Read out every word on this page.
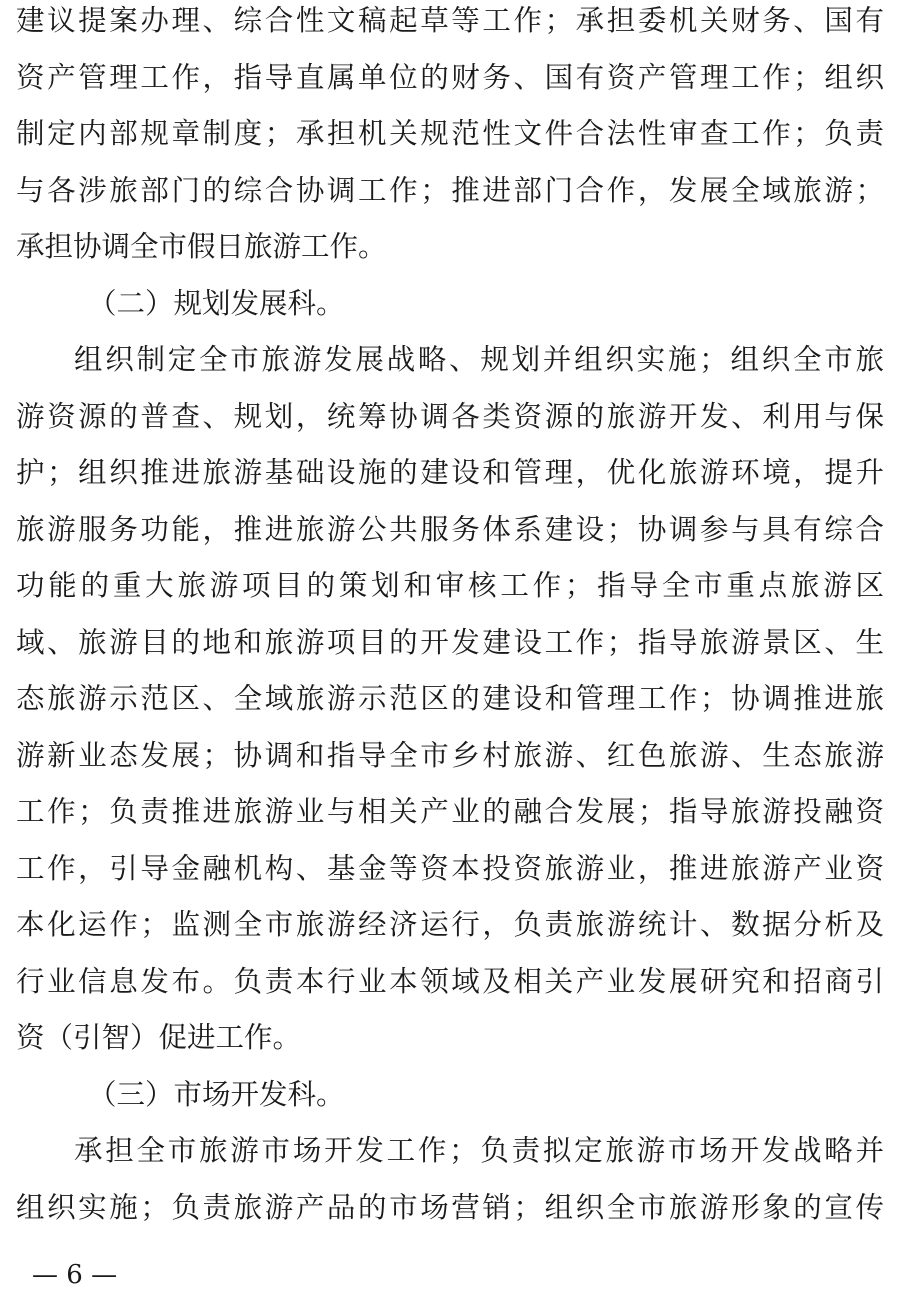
建议提案办理、综合性文稿起草等工作；承担委机关财务、国有
资产管理工作，指导直属单位的财务、国有资产管理工作；组织
制定内部规章制度；承担机关规范性文件合法性审查工作；负责
与各涉旅部门的综合协调工作；推进部门合作，发展全域旅游；
承担协调全市假日旅游工作。
（二）规划发展科。
组织制定全市旅游发展战略、规划并组织实施；组织全市旅
游资源的普查、规划，统筹协调各类资源的旅游开发、利用与保
护；组织推进旅游基础设施的建设和管理，优化旅游环境，提升
旅游服务功能，推进旅游公共服务体系建设；协调参与具有综合
功能的重大旅游项目的策划和审核工作；指导全市重点旅游区
域、旅游目的地和旅游项目的开发建设工作；指导旅游景区、生
态旅游示范区、全域旅游示范区的建设和管理工作；协调推进旅
游新业态发展；协调和指导全市乡村旅游、红色旅游、生态旅游
工作；负责推进旅游业与相关产业的融合发展；指导旅游投融资
工作，引导金融机构、基金等资本投资旅游业，推进旅游产业资
本化运作；监测全市旅游经济运行，负责旅游统计、数据分析及
行业信息发布。负责本行业本领域及相关产业发展研究和招商引
资（引智）促进工作。
（三）市场开发科。
承担全市旅游市场开发工作；负责拟定旅游市场开发战略并
组织实施；负责旅游产品的市场营销；组织全市旅游形象的宣传
— 6 —
